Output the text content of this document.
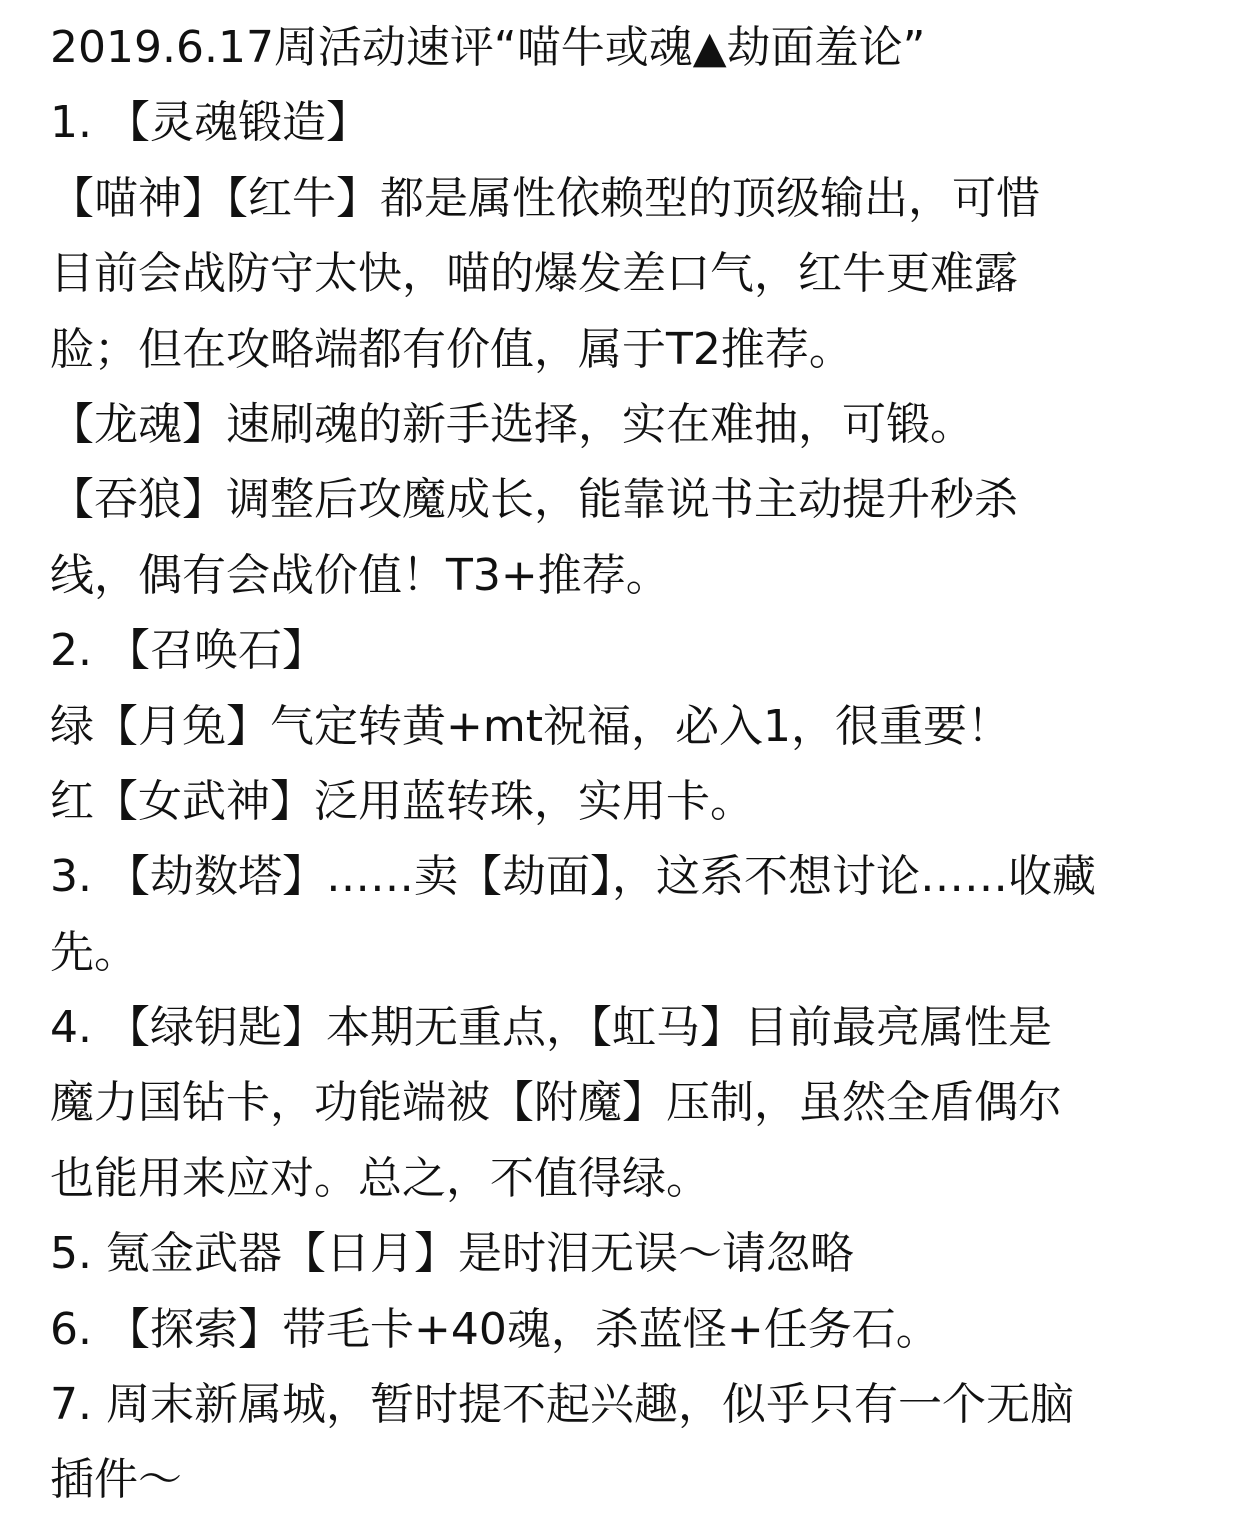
2019.6.17周活动速评“喵牛或魂▲劫面羞论”
1. 【灵魂锻造】
【喵神】【红牛】都是属性依赖型的顶级输出，可惜
目前会战防守太快，喵的爆发差口气，红牛更难露
脸；但在攻略端都有价值，属于T2推荐。
【龙魂】速刷魂的新手选择，实在难抽，可锻。
【吞狼】调整后攻魔成长，能靠说书主动提升秒杀
线，偶有会战价值！T3+推荐。
2. 【召唤石】
绿【月兔】气定转黄+mt祝福，必入1，很重要！
红【女武神】泛用蓝转珠，实用卡。
3. 【劫数塔】……卖【劫面】，这系不想讨论……收藏
先。
4. 【绿钥匙】本期无重点，【虹马】目前最亮属性是
魔力国钻卡，功能端被【附魔】压制，虽然全盾偶尔
也能用来应对。总之，不值得绿。
5. 氪金武器【日月】是时泪无误～请忽略
6. 【探索】带毛卡+40魂，杀蓝怪+任务石。
7. 周末新属城，暂时提不起兴趣，似乎只有一个无脑
插件～
